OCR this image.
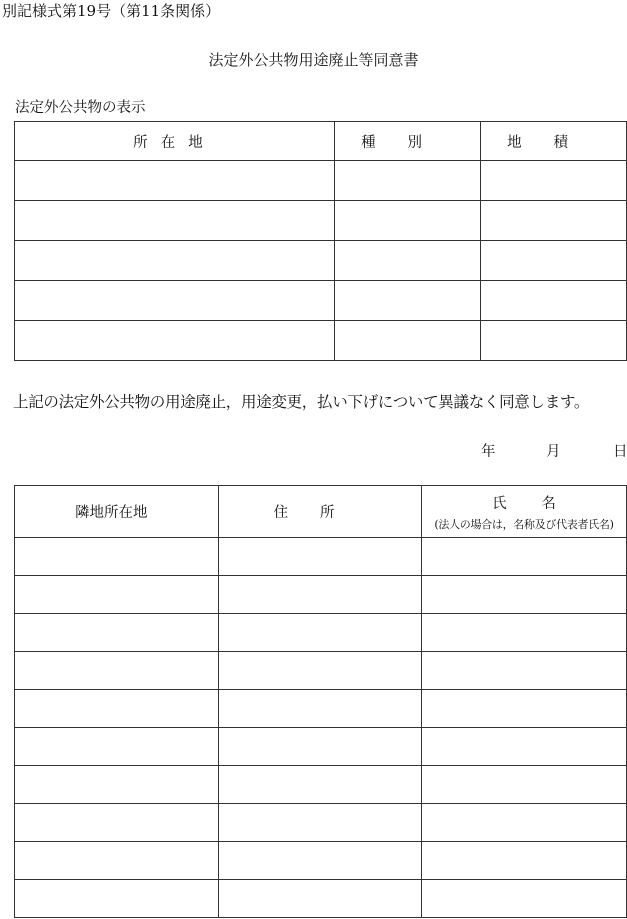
別記様式第19号（第11条関係）
法定外公共物用途廃止等同意書
法定外公共物の表示
所在地	種別	地積

上記の法定外公共物の用途廃止，用途変更，払い下げについて異議なく同意します。
年	月	日
隣地所在地	住所	氏名
(法人の場合は，名称及び代表者氏名)
